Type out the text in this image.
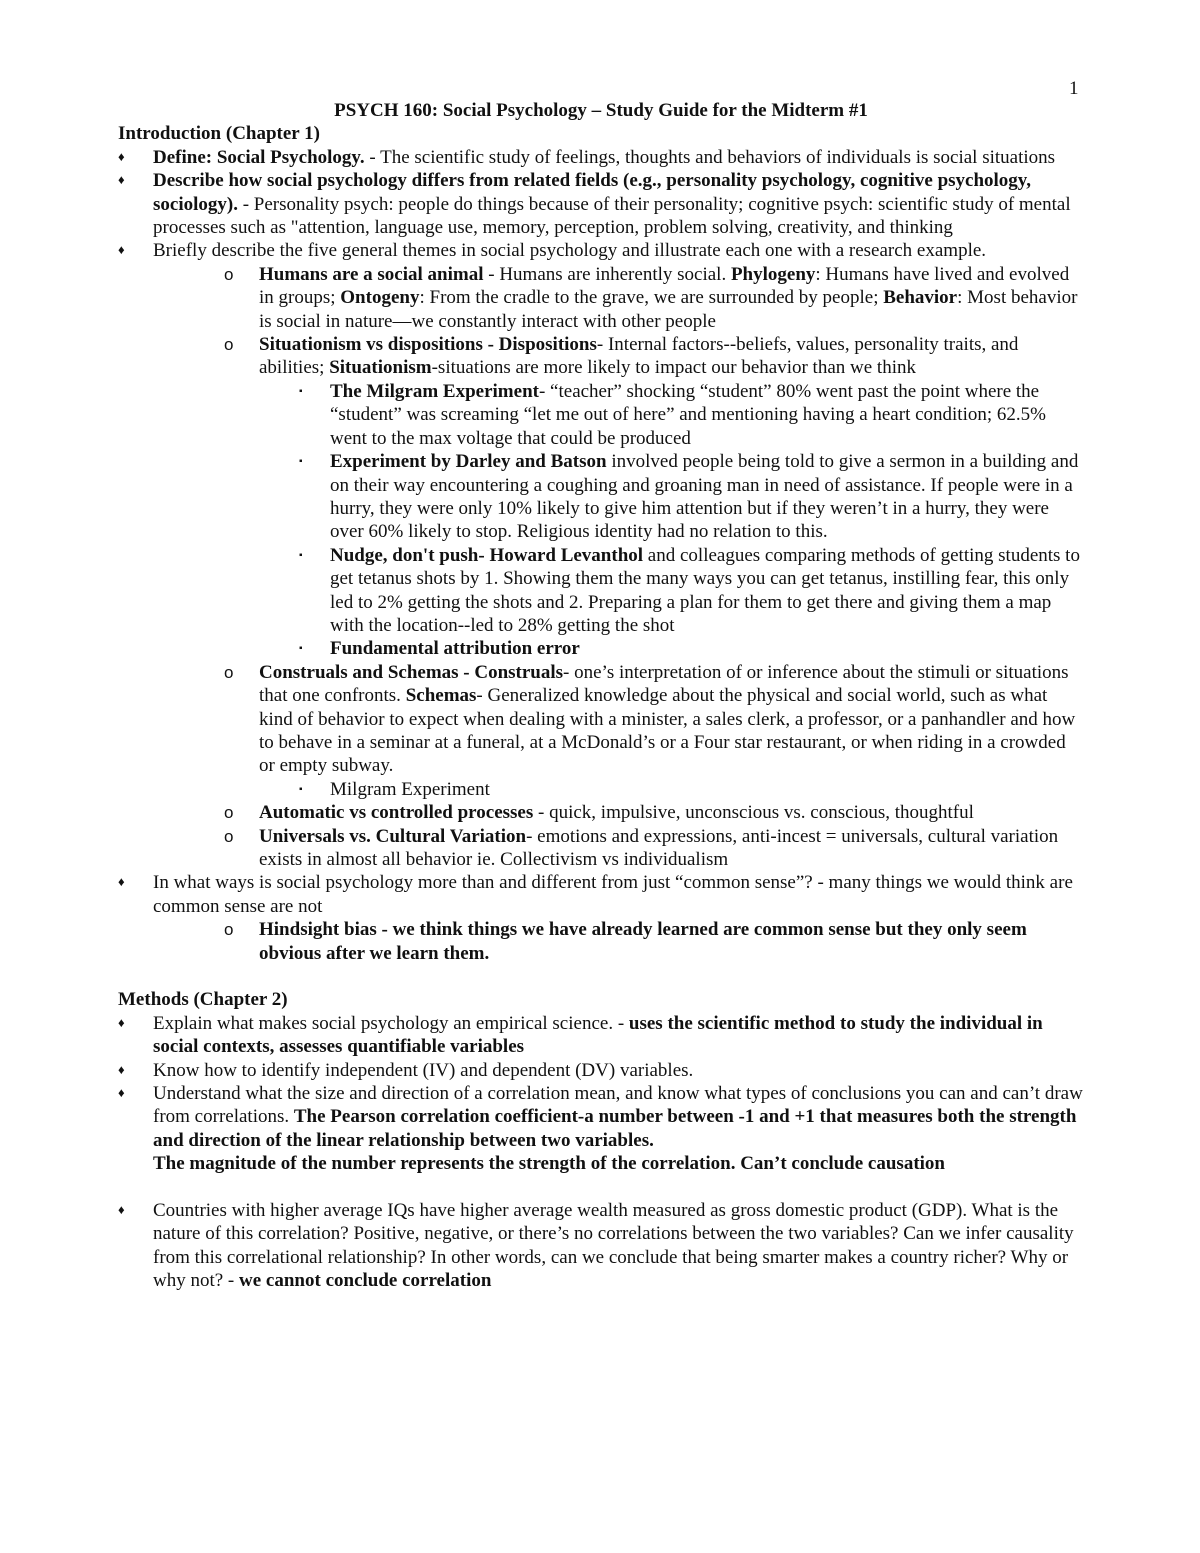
1

PSYCH 160: Social Psychology – Study Guide for the Midterm #1

Introduction (Chapter 1)

♦ Define: Social Psychology. - The scientific study of feelings, thoughts and behaviors of individuals is social situations
♦ Describe how social psychology differs from related fields (e.g., personality psychology, cognitive psychology, sociology). - Personality psych: people do things because of their personality; cognitive psych: scientific study of mental processes such as "attention, language use, memory, perception, problem solving, creativity, and thinking
♦ Briefly describe the five general themes in social psychology and illustrate each one with a research example.
o Humans are a social animal - Humans are inherently social. Phylogeny: Humans have lived and evolved in groups; Ontogeny: From the cradle to the grave, we are surrounded by people; Behavior: Most behavior is social in nature—we constantly interact with other people
o Situationism vs dispositions - Dispositions- Internal factors--beliefs, values, personality traits, and abilities; Situationism-situations are more likely to impact our behavior than we think
▪ The Milgram Experiment- “teacher” shocking “student” 80% went past the point where the “student” was screaming “let me out of here” and mentioning having a heart condition; 62.5% went to the max voltage that could be produced
▪ Experiment by Darley and Batson involved people being told to give a sermon in a building and on their way encountering a coughing and groaning man in need of assistance. If people were in a hurry, they were only 10% likely to give him attention but if they weren’t in a hurry, they were over 60% likely to stop. Religious identity had no relation to this.
▪ Nudge, don't push- Howard Levanthol and colleagues comparing methods of getting students to get tetanus shots by 1. Showing them the many ways you can get tetanus, instilling fear, this only led to 2% getting the shots and 2. Preparing a plan for them to get there and giving them a map with the location--led to 28% getting the shot
▪ Fundamental attribution error
o Construals and Schemas - Construals- one’s interpretation of or inference about the stimuli or situations that one confronts. Schemas- Generalized knowledge about the physical and social world, such as what kind of behavior to expect when dealing with a minister, a sales clerk, a professor, or a panhandler and how to behave in a seminar at a funeral, at a McDonald’s or a Four star restaurant, or when riding in a crowded or empty subway.
▪ Milgram Experiment
o Automatic vs controlled processes - quick, impulsive, unconscious vs. conscious, thoughtful
o Universals vs. Cultural Variation- emotions and expressions, anti-incest = universals, cultural variation exists in almost all behavior ie. Collectivism vs individualism
♦ In what ways is social psychology more than and different from just “common sense”? - many things we would think are common sense are not
o Hindsight bias - we think things we have already learned are common sense but they only seem obvious after we learn them.

Methods (Chapter 2)

♦ Explain what makes social psychology an empirical science. - uses the scientific method to study the individual in social contexts, assesses quantifiable variables
♦ Know how to identify independent (IV) and dependent (DV) variables.
♦ Understand what the size and direction of a correlation mean, and know what types of conclusions you can and can’t draw from correlations. The Pearson correlation coefficient-a number between -1 and +1 that measures both the strength and direction of the linear relationship between two variables.
The magnitude of the number represents the strength of the correlation. Can’t conclude causation
♦ Countries with higher average IQs have higher average wealth measured as gross domestic product (GDP). What is the nature of this correlation? Positive, negative, or there’s no correlations between the two variables? Can we infer causality from this correlational relationship? In other words, can we conclude that being smarter makes a country richer? Why or why not? - we cannot conclude correlation
